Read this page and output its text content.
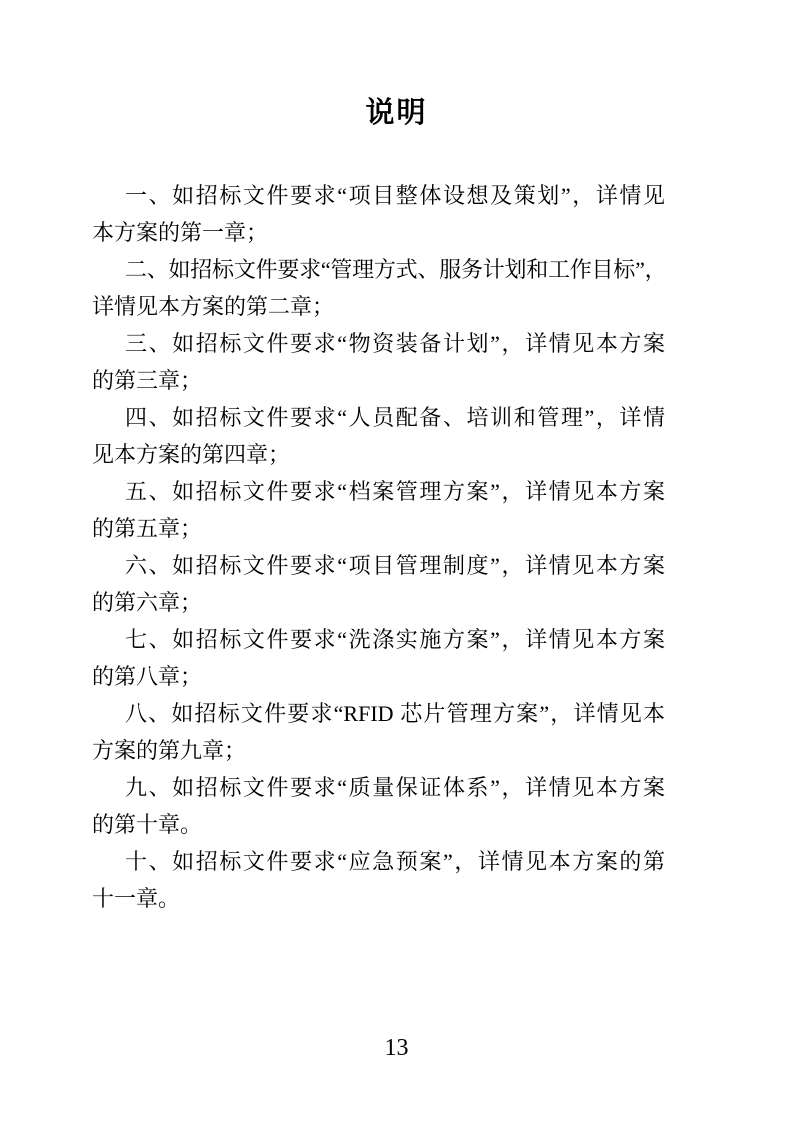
说明
一、如招标文件要求“项目整体设想及策划”，详情见
本方案的第一章；
二、如招标文件要求“管理方式、服务计划和工作目标”，
详情见本方案的第二章；
三、如招标文件要求“物资装备计划”，详情见本方案
的第三章；
四、如招标文件要求“人员配备、培训和管理”，详情
见本方案的第四章；
五、如招标文件要求“档案管理方案”，详情见本方案
的第五章；
六、如招标文件要求“项目管理制度”，详情见本方案
的第六章；
七、如招标文件要求“洗涤实施方案”，详情见本方案
的第八章；
八、如招标文件要求“RFID 芯片管理方案”，详情见本
方案的第九章；
九、如招标文件要求“质量保证体系”，详情见本方案
的第十章。
十、如招标文件要求“应急预案”，详情见本方案的第
十一章。
13
